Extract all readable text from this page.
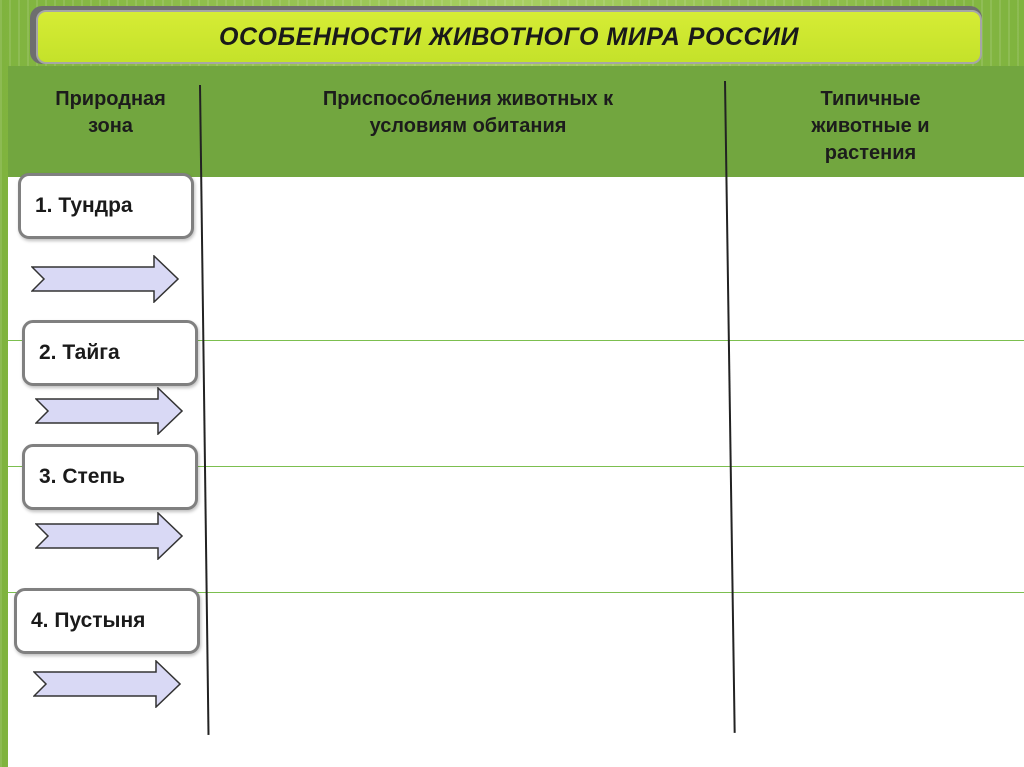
ОСОБЕННОСТИ ЖИВОТНОГО МИРА РОССИИ
Природная
зона
Приспособления животных к
условиям обитания
Типичные
животные и
растения
1. Тундра
2. Тайга
3. Степь
4. Пустыня
